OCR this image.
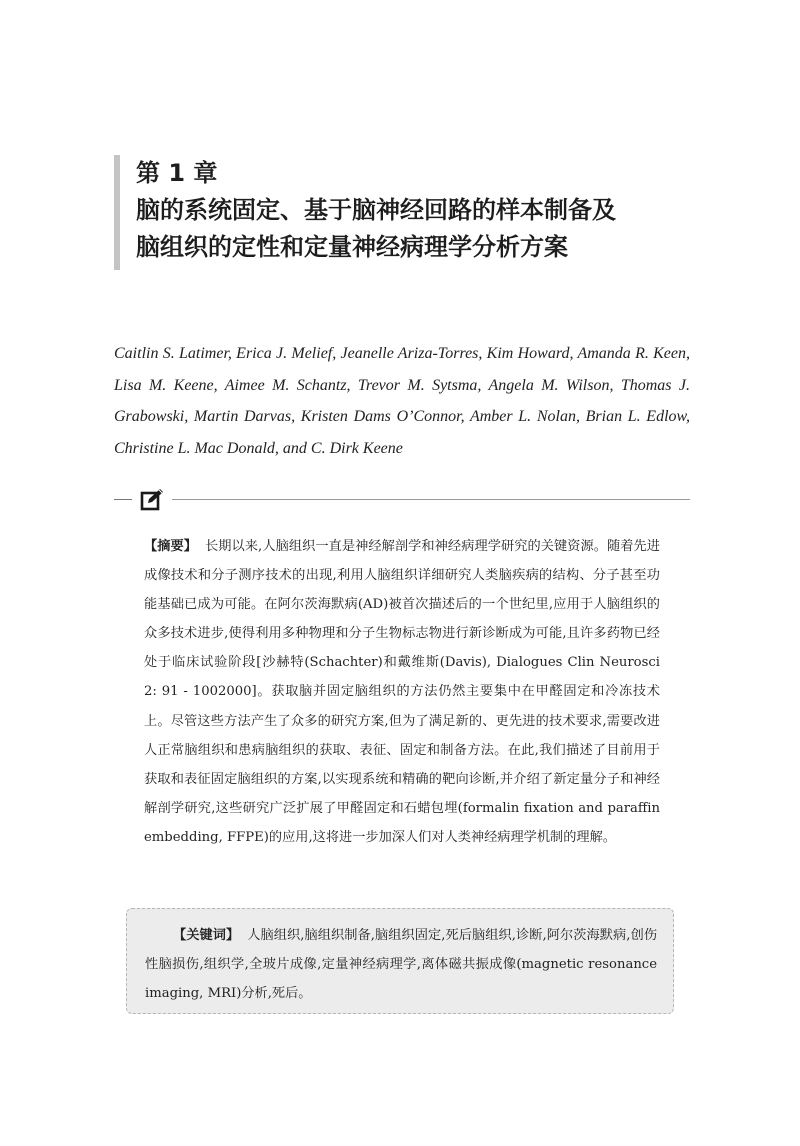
第 1 章
脑的系统固定、基于脑神经回路的样本制备及
脑组织的定性和定量神经病理学分析方案
Caitlin S. Latimer, Erica J. Melief, Jeanelle Ariza-Torres, Kim Howard, Amanda R. Keen, Lisa M. Keene, Aimee M. Schantz, Trevor M. Sytsma, Angela M. Wilson, Thomas J. Grabowski, Martin Darvas, Kristen Dams O’Connor, Amber L. Nolan, Brian L. Edlow, Christine L. Mac Donald, and C. Dirk Keene
【摘要】 长期以来,人脑组织一直是神经解剖学和神经病理学研究的关键资源。随着先进成像技术和分子测序技术的出现,利用人脑组织详细研究人类脑疾病的结构、分子甚至功能基础已成为可能。在阿尔茨海默病(AD)被首次描述后的一个世纪里,应用于人脑组织的众多技术进步,使得利用多种物理和分子生物标志物进行新诊断成为可能,且许多药物已经处于临床试验阶段[沙赫特(Schachter)和戴维斯(Davis), Dialogues Clin Neurosci 2: 91 - 1002000]。获取脑并固定脑组织的方法仍然主要集中在甲醛固定和冷冻技术上。尽管这些方法产生了众多的研究方案,但为了满足新的、更先进的技术要求,需要改进人正常脑组织和患病脑组织的获取、表征、固定和制备方法。在此,我们描述了目前用于获取和表征固定脑组织的方案,以实现系统和精确的靶向诊断,并介绍了新定量分子和神经解剖学研究,这些研究广泛扩展了甲醛固定和石蜡包埋(formalin fixation and paraffin embedding, FFPE)的应用,这将进一步加深人们对人类神经病理学机制的理解。
【关键词】 人脑组织,脑组织制备,脑组织固定,死后脑组织,诊断,阿尔茨海默病,创伤性脑损伤,组织学,全玻片成像,定量神经病理学,离体磁共振成像(magnetic resonance imaging, MRI)分析,死后。
